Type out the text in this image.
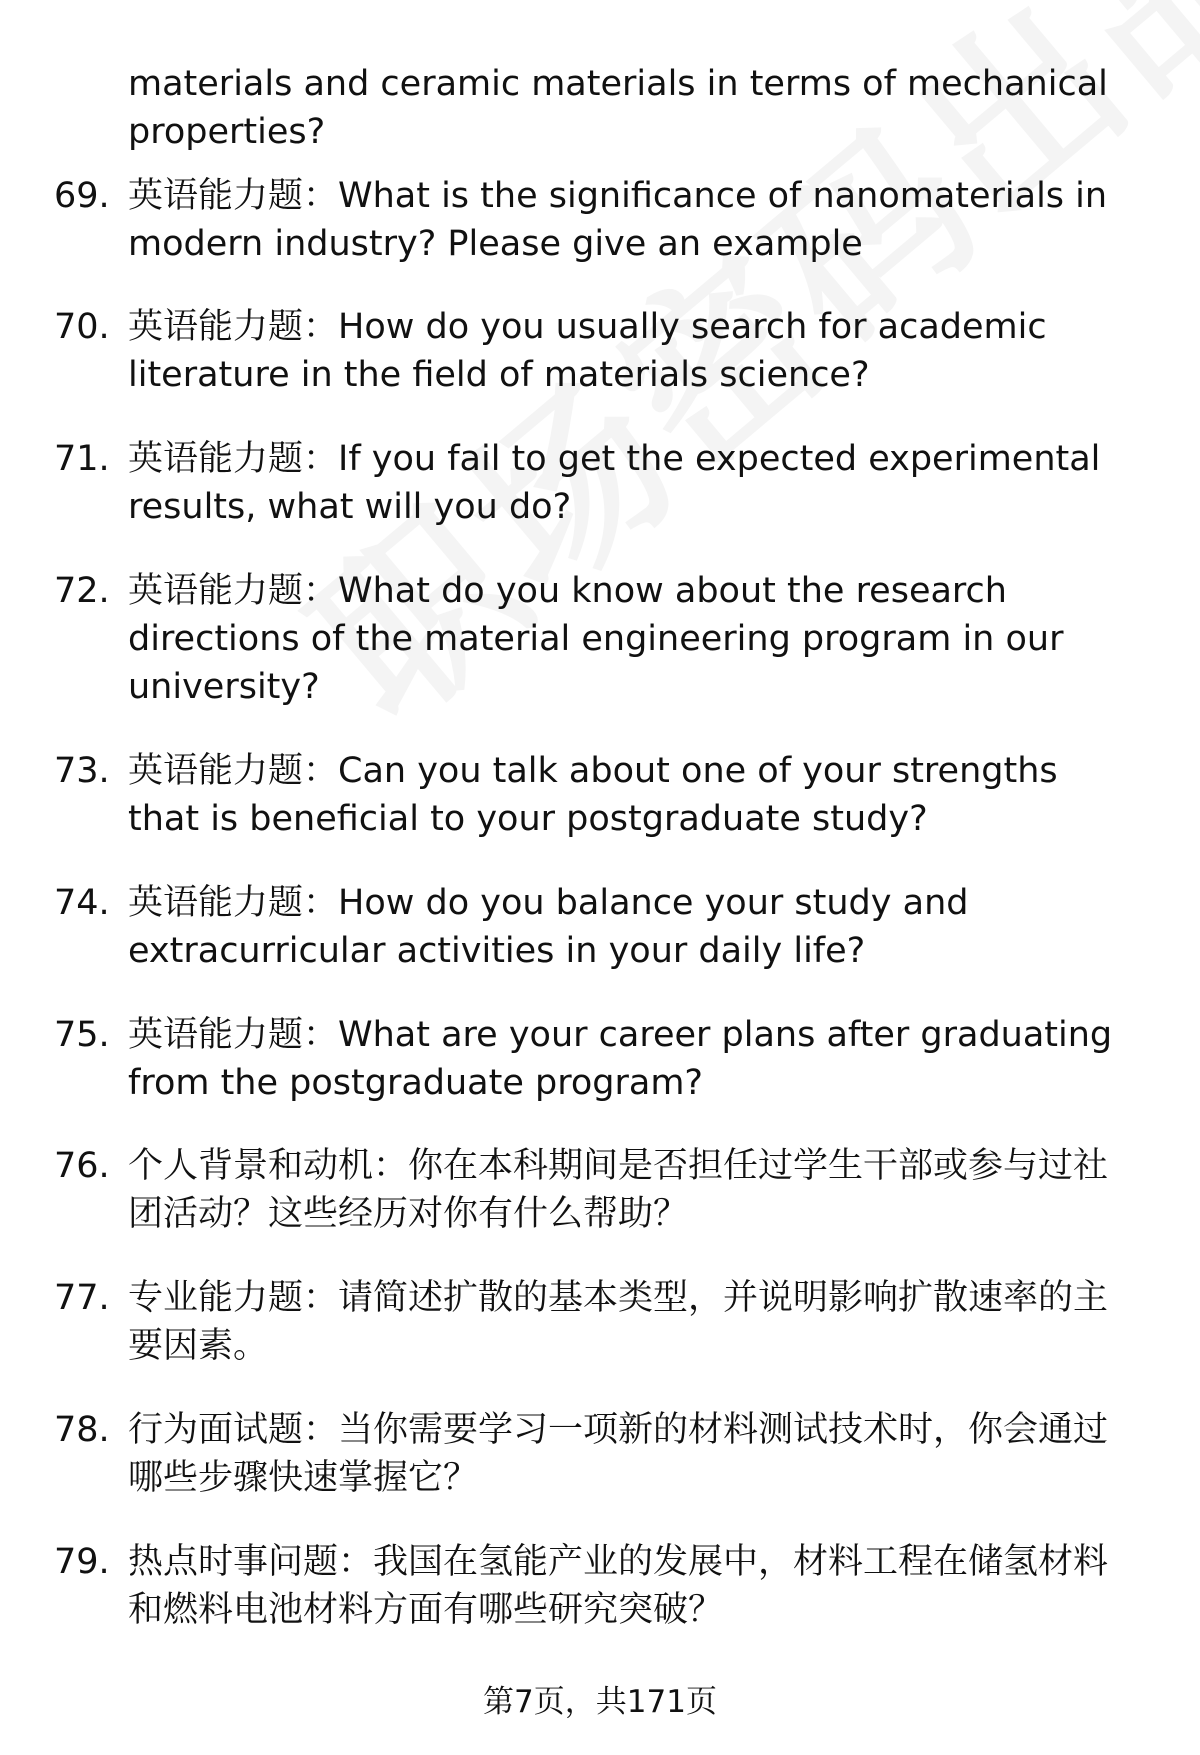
materials and ceramic materials in terms of mechanical properties?
69. 英语能力题：What is the significance of nanomaterials in modern industry? Please give an example
70. 英语能力题：How do you usually search for academic literature in the field of materials science?
71. 英语能力题：If you fail to get the expected experimental results, what will you do?
72. 英语能力题：What do you know about the research directions of the material engineering program in our university?
73. 英语能力题：Can you talk about one of your strengths that is beneficial to your postgraduate study?
74. 英语能力题：How do you balance your study and extracurricular activities in your daily life?
75. 英语能力题：What are your career plans after graduating from the postgraduate program?
76. 个人背景和动机：你在本科期间是否担任过学生干部或参与过社团活动？这些经历对你有什么帮助？
77. 专业能力题：请简述扩散的基本类型，并说明影响扩散速率的主要因素。
78. 行为面试题：当你需要学习一项新的材料测试技术时，你会通过哪些步骤快速掌握它？
79. 热点时事问题：我国在氢能产业的发展中，材料工程在储氢材料和燃料电池材料方面有哪些研究突破？
第7页，共171页
